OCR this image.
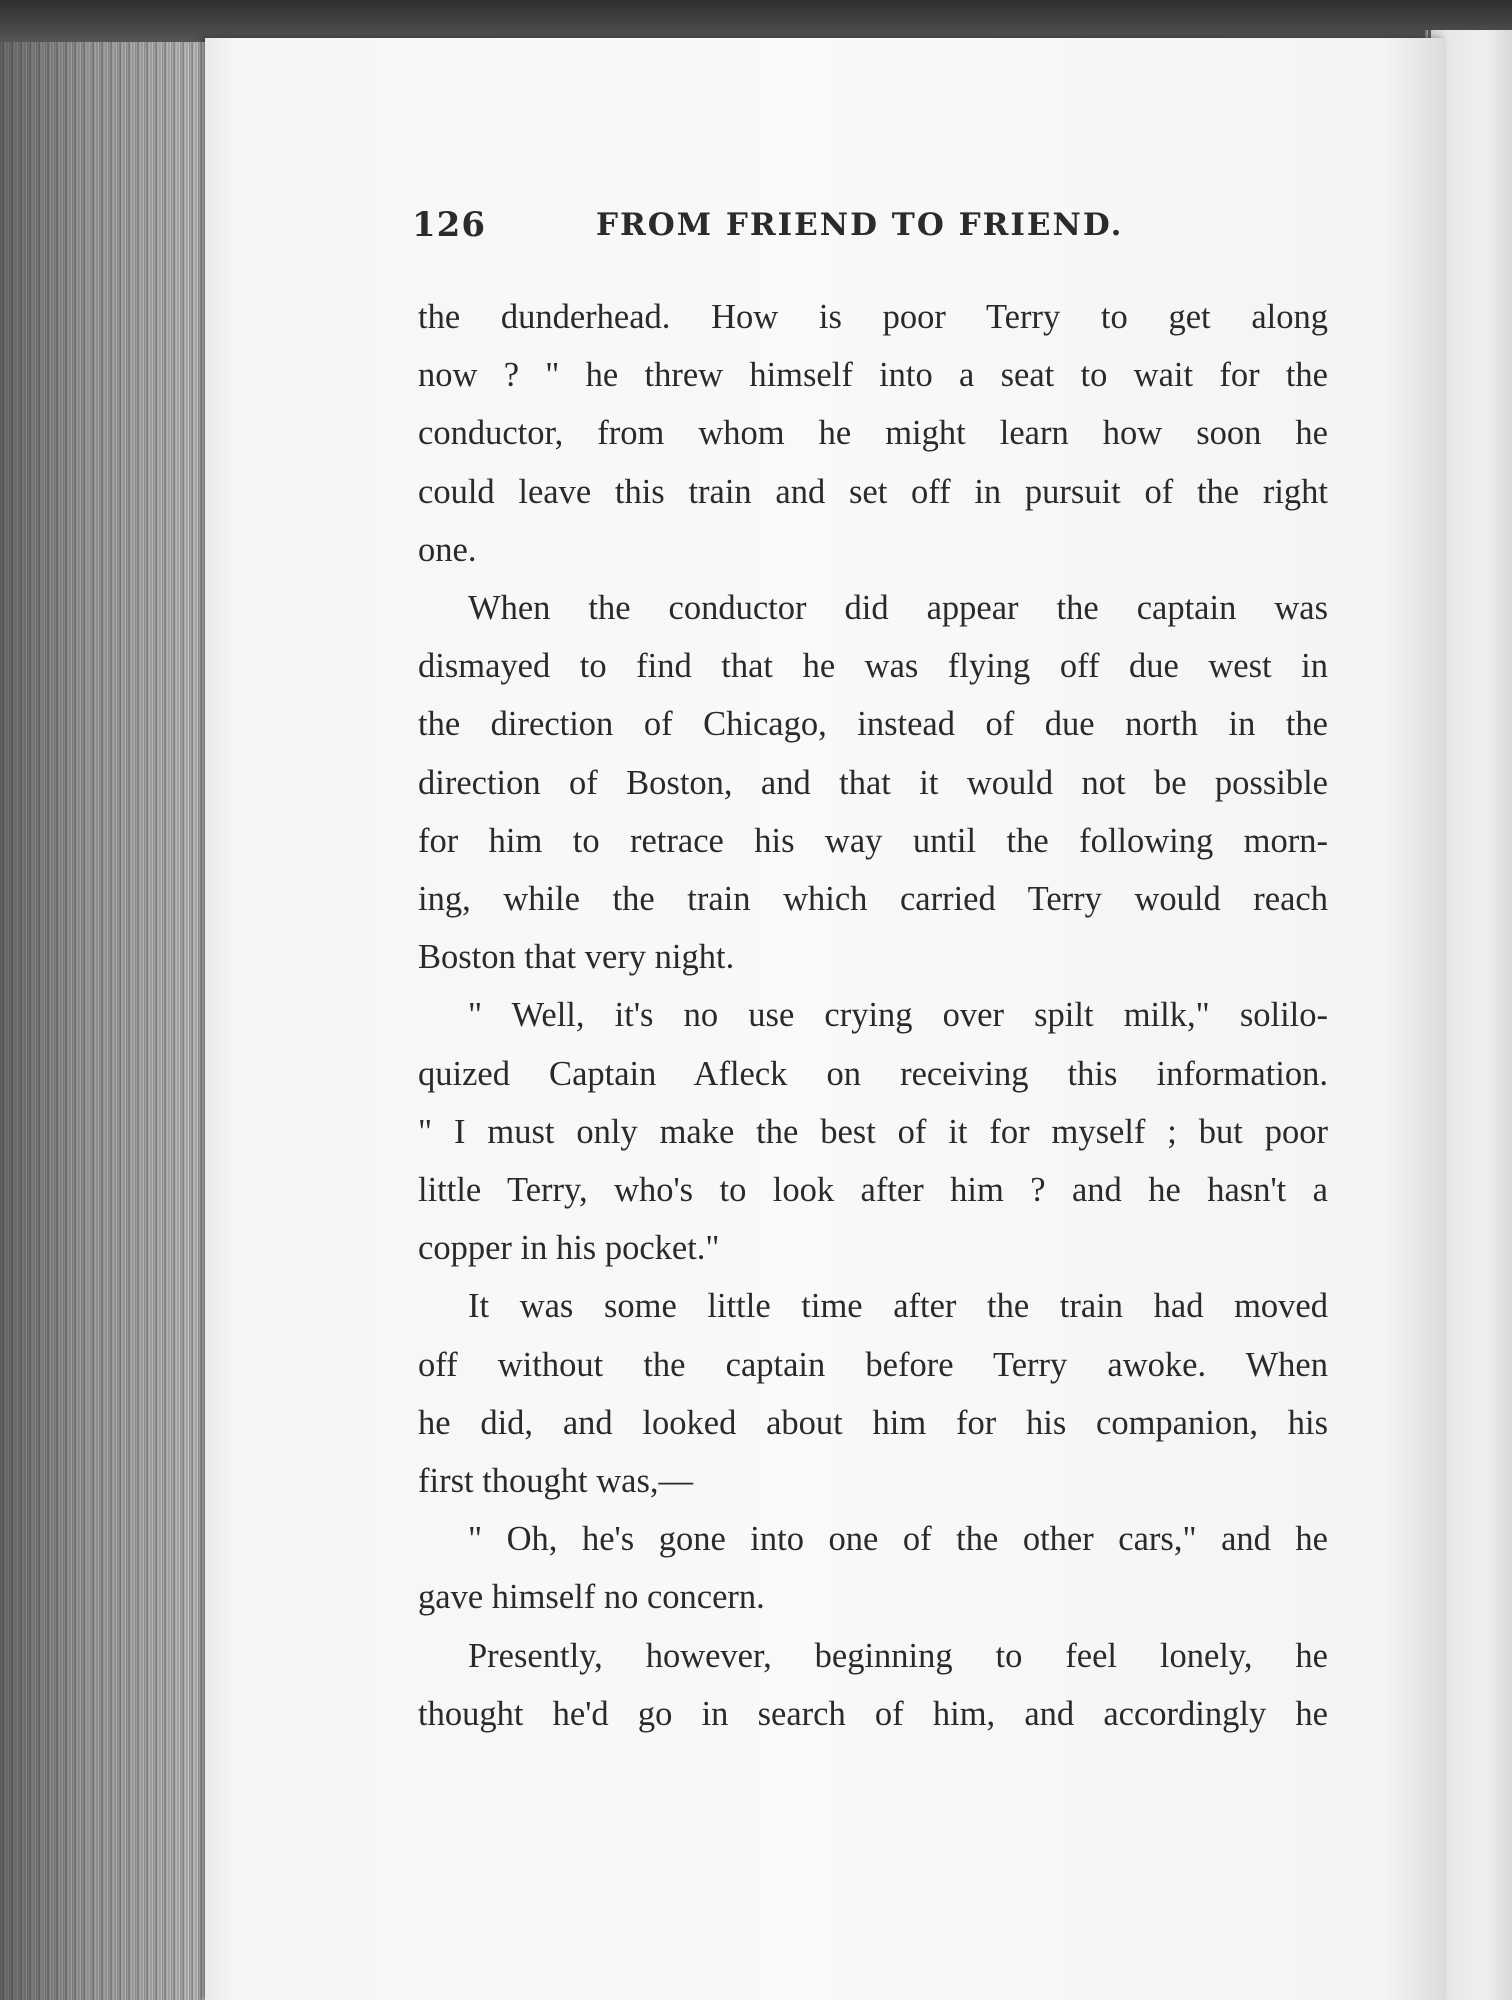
126	FROM FRIEND TO FRIEND.

the dunderhead. How is poor Terry to get along

now ? " he threw himself into a seat to wait for the

conductor, from whom he might learn how soon he

could leave this train and set off in pursuit of the right

one.

When the conductor did appear the captain was

dismayed to find that he was flying off due west in

the direction of Chicago, instead of due north in the

direction of Boston, and that it would not be possible

for him to retrace his way until the following morn-

ing, while the train which carried Terry would reach

Boston that very night.

" Well, it's no use crying over spilt milk," solilo-

quized Captain Afleck on receiving this information.

" I must only make the best of it for myself ; but poor

little Terry, who's to look after him ? and he hasn't a

copper in his pocket."

It was some little time after the train had moved

off without the captain before Terry awoke. When

he did, and looked about him for his companion, his

first thought was,—

" Oh, he's gone into one of the other cars," and he

gave himself no concern.

Presently, however, beginning to feel lonely, he

thought he'd go in search of him, and accordingly he
